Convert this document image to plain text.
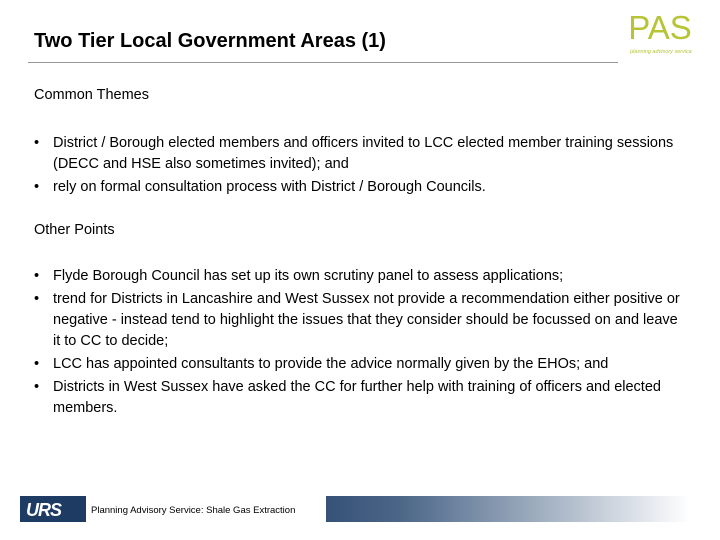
Two Tier Local Government Areas (1)	PAS
planning advisory service
Common Themes
• District / Borough elected members and officers invited to LCC elected member training sessions (DECC and HSE also sometimes invited); and
• rely on formal consultation process with District / Borough Councils.
Other Points
• Flyde Borough Council has set up its own scrutiny panel to assess applications;
• trend for Districts in Lancashire and West Sussex not provide a recommendation either positive or negative - instead tend to highlight the issues that they consider should be focussed on and leave it to CC to decide;
• LCC has appointed consultants to provide the advice normally given by the EHOs; and
• Districts in West Sussex have asked the CC for further help with training of officers and elected members.
URS	Planning Advisory Service: Shale Gas Extraction
